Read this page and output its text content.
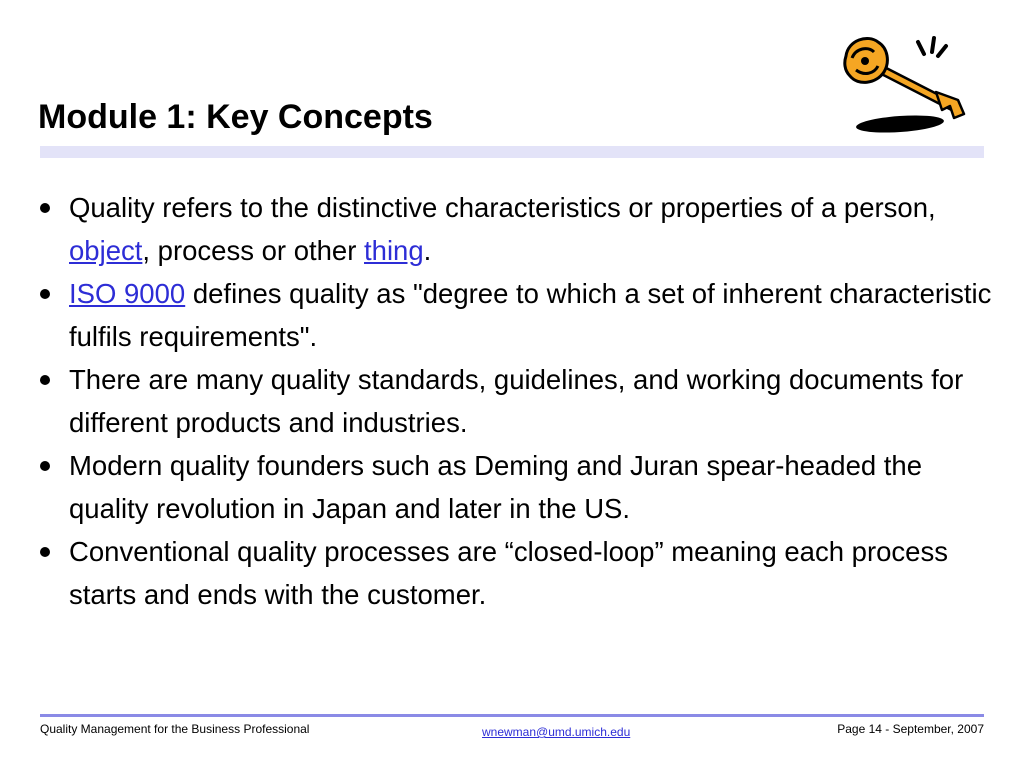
Module 1: Key Concepts
Quality refers to the distinctive characteristics or properties of a person, object, process or other thing.
ISO 9000 defines quality as "degree to which a set of inherent characteristic fulfils requirements".
There are many quality standards, guidelines, and working documents for different products and industries.
Modern quality founders such as Deming and Juran spear-headed the quality revolution in Japan and later in the US.
Conventional quality processes are “closed-loop” meaning each process starts and ends with the customer.
Quality Management for the Business Professional	wnewman@umd.umich.edu	Page 14 - September, 2007
